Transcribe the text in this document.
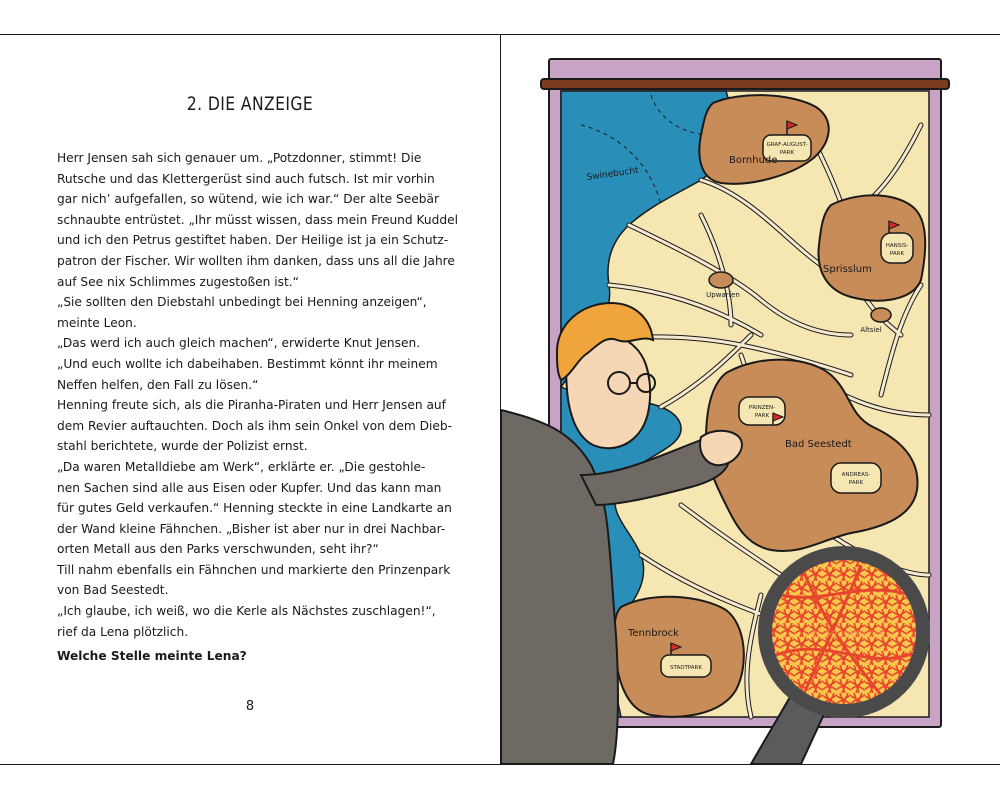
2. DIE ANZEIGE

Herr Jensen sah sich genauer um. „Potzdonner, stimmt! Die

Rutsche und das Klettergerüst sind auch futsch. Ist mir vorhin

gar nich’ aufgefallen, so wütend, wie ich war.“ Der alte Seebär

schnaubte entrüstet. „Ihr müsst wissen, dass mein Freund Kuddel

und ich den Petrus gestiftet haben. Der Heilige ist ja ein Schutz-

patron der Fischer. Wir wollten ihm danken, dass uns all die Jahre

auf See nix Schlimmes zugestoßen ist.“

„Sie sollten den Diebstahl unbedingt bei Henning anzeigen“,

meinte Leon.

„Das werd ich auch gleich machen“, erwiderte Knut Jensen.

„Und euch wollte ich dabeihaben. Bestimmt könnt ihr meinem

Neffen helfen, den Fall zu lösen.“

Henning freute sich, als die Piranha-Piraten und Herr Jensen auf

dem Revier auftauchten. Doch als ihm sein Onkel von dem Dieb-

stahl berichtete, wurde der Polizist ernst.

„Da waren Metalldiebe am Werk“, erklärte er. „Die gestohle-

nen Sachen sind alle aus Eisen oder Kupfer. Und das kann man

für gutes Geld verkaufen.“ Henning steckte in eine Landkarte an

der Wand kleine Fähnchen. „Bisher ist aber nur in drei Nachbar-

orten Metall aus den Parks verschwunden, seht ihr?“

Till nahm ebenfalls ein Fähnchen und markierte den Prinzenpark

von Bad Seestedt.

„Ich glaube, ich weiß, wo die Kerle als Nächstes zuschlagen!“,

rief da Lena plötzlich.

Welche Stelle meinte Lena?

8
GRAF-AUGUST-
PARK
Bornhude
HANSIS-
PARK
Sprisslum
Upwarfen
Altsiel
PRINZEN-
PARK
ANDREAS-
PARK
Bad Seestedt
STADTPARK
Tennbrock
Swinebucht
Der Sonnenpark
